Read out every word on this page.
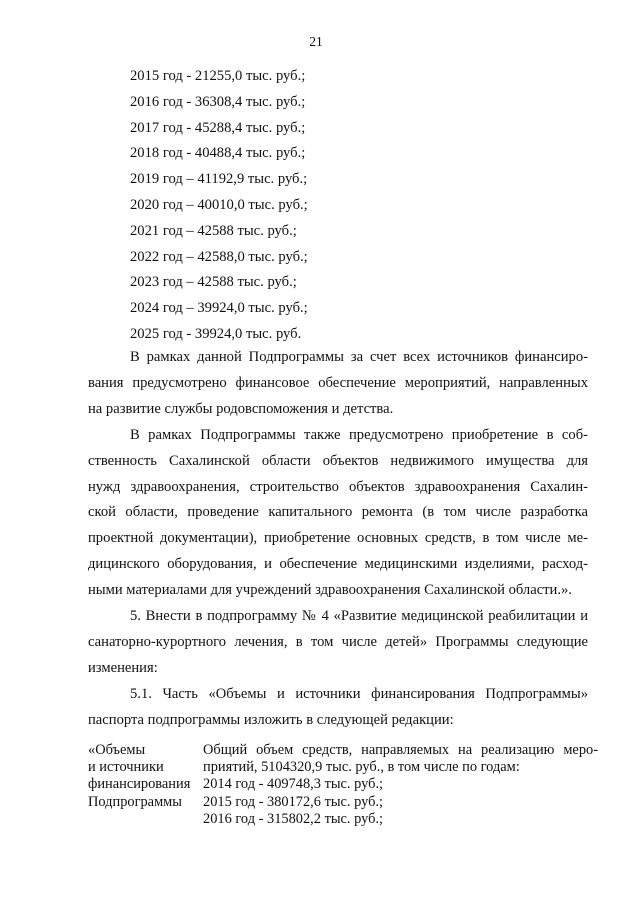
21
2015 год - 21255,0 тыс. руб.;
2016 год - 36308,4 тыс. руб.;
2017 год - 45288,4 тыс. руб.;
2018 год - 40488,4 тыс. руб.;
2019 год – 41192,9 тыс. руб.;
2020 год – 40010,0 тыс. руб.;
2021 год – 42588 тыс. руб.;
2022 год – 42588,0 тыс. руб.;
2023 год – 42588 тыс. руб.;
2024 год – 39924,0 тыс. руб.;
2025 год - 39924,0 тыс. руб.
В рамках данной Подпрограммы за счет всех источников финансиро-
вания предусмотрено финансовое обеспечение мероприятий, направленных
на развитие службы родовспоможения и детства.
В рамках Подпрограммы также предусмотрено приобретение в соб-
ственность Сахалинской области объектов недвижимого имущества для
нужд здравоохранения, строительство объектов здравоохранения Сахалин-
ской области, проведение капитального ремонта (в том числе разработка
проектной документации), приобретение основных средств, в том числе ме-
дицинского оборудования, и обеспечение медицинскими изделиями, расход-
ными материалами для учреждений здравоохранения Сахалинской области.».
5. Внести в подпрограмму № 4 «Развитие медицинской реабилитации и
санаторно-курортного лечения, в том числе детей» Программы следующие
изменения:
5.1. Часть «Объемы и источники финансирования Подпрограммы»
паспорта подпрограммы изложить в следующей редакции:
«Объемы
и источники
финансирования
Подпрограммы
Общий объем средств, направляемых на реализацию меро-
приятий, 5104320,9 тыс. руб., в том числе по годам:
2014 год - 409748,3 тыс. руб.;
2015 год - 380172,6 тыс. руб.;
2016 год - 315802,2 тыс. руб.;
